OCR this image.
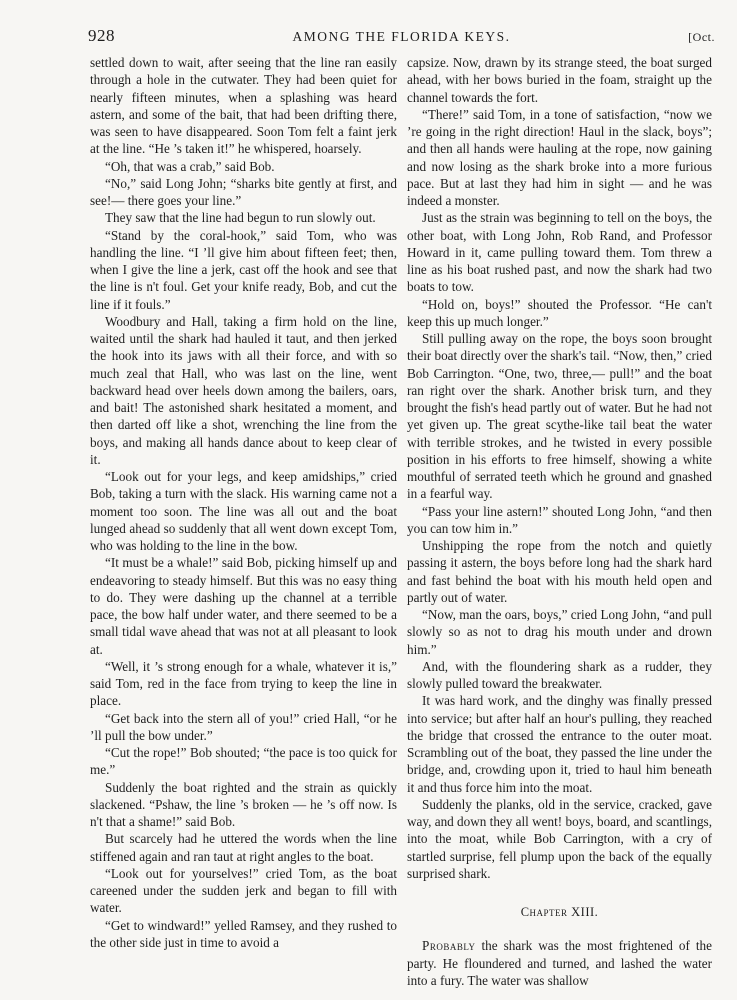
928	AMONG THE FLORIDA KEYS.	[Oct.

settled down to wait, after seeing that the line ran easily through a hole in the cutwater. They had been quiet for nearly fifteen minutes, when a splashing was heard astern, and some of the bait, that had been drifting there, was seen to have disappeared. Soon Tom felt a faint jerk at the line. “He ’s taken it!” he whispered, hoarsely.

“Oh, that was a crab,” said Bob.

“No,” said Long John; “sharks bite gently at first, and see!— there goes your line.”

They saw that the line had begun to run slowly out.

“Stand by the coral-hook,” said Tom, who was handling the line. “I ’ll give him about fifteen feet; then, when I give the line a jerk, cast off the hook and see that the line is n't foul. Get your knife ready, Bob, and cut the line if it fouls.”

Woodbury and Hall, taking a firm hold on the line, waited until the shark had hauled it taut, and then jerked the hook into its jaws with all their force, and with so much zeal that Hall, who was last on the line, went backward head over heels down among the bailers, oars, and bait! The astonished shark hesitated a moment, and then darted off like a shot, wrenching the line from the boys, and making all hands dance about to keep clear of it.

“Look out for your legs, and keep amidships,” cried Bob, taking a turn with the slack. His warning came not a moment too soon. The line was all out and the boat lunged ahead so suddenly that all went down except Tom, who was holding to the line in the bow.

“It must be a whale!” said Bob, picking himself up and endeavoring to steady himself. But this was no easy thing to do. They were dashing up the channel at a terrible pace, the bow half under water, and there seemed to be a small tidal wave ahead that was not at all pleasant to look at.

“Well, it ’s strong enough for a whale, whatever it is,” said Tom, red in the face from trying to keep the line in place.

“Get back into the stern all of you!” cried Hall, “or he ’ll pull the bow under.”

“Cut the rope!” Bob shouted; “the pace is too quick for me.”

Suddenly the boat righted and the strain as quickly slackened. “Pshaw, the line ’s broken — he ’s off now. Is n't that a shame!” said Bob.

But scarcely had he uttered the words when the line stiffened again and ran taut at right angles to the boat.

“Look out for yourselves!” cried Tom, as the boat careened under the sudden jerk and began to fill with water.

“Get to windward!” yelled Ramsey, and they rushed to the other side just in time to avoid a

capsize. Now, drawn by its strange steed, the boat surged ahead, with her bows buried in the foam, straight up the channel towards the fort.

“There!” said Tom, in a tone of satisfaction, “now we ’re going in the right direction! Haul in the slack, boys”; and then all hands were hauling at the rope, now gaining and now losing as the shark broke into a more furious pace. But at last they had him in sight — and he was indeed a monster.

Just as the strain was beginning to tell on the boys, the other boat, with Long John, Rob Rand, and Professor Howard in it, came pulling toward them. Tom threw a line as his boat rushed past, and now the shark had two boats to tow.

“Hold on, boys!” shouted the Professor. “He can't keep this up much longer.”

Still pulling away on the rope, the boys soon brought their boat directly over the shark's tail. “Now, then,” cried Bob Carrington. “One, two, three,— pull!” and the boat ran right over the shark. Another brisk turn, and they brought the fish's head partly out of water. But he had not yet given up. The great scythe-like tail beat the water with terrible strokes, and he twisted in every possible position in his efforts to free himself, showing a white mouthful of serrated teeth which he ground and gnashed in a fearful way.

“Pass your line astern!” shouted Long John, “and then you can tow him in.”

Unshipping the rope from the notch and quietly passing it astern, the boys before long had the shark hard and fast behind the boat with his mouth held open and partly out of water.

“Now, man the oars, boys,” cried Long John, “and pull slowly so as not to drag his mouth under and drown him.”

And, with the floundering shark as a rudder, they slowly pulled toward the breakwater.

It was hard work, and the dinghy was finally pressed into service; but after half an hour's pulling, they reached the bridge that crossed the entrance to the outer moat. Scrambling out of the boat, they passed the line under the bridge, and, crowding upon it, tried to haul him beneath it and thus force him into the moat.

Suddenly the planks, old in the service, cracked, gave way, and down they all went! boys, board, and scantlings, into the moat, while Bob Carrington, with a cry of startled surprise, fell plump upon the back of the equally surprised shark.

Chapter XIII.

Probably the shark was the most frightened of the party. He floundered and turned, and lashed the water into a fury. The water was shallow
